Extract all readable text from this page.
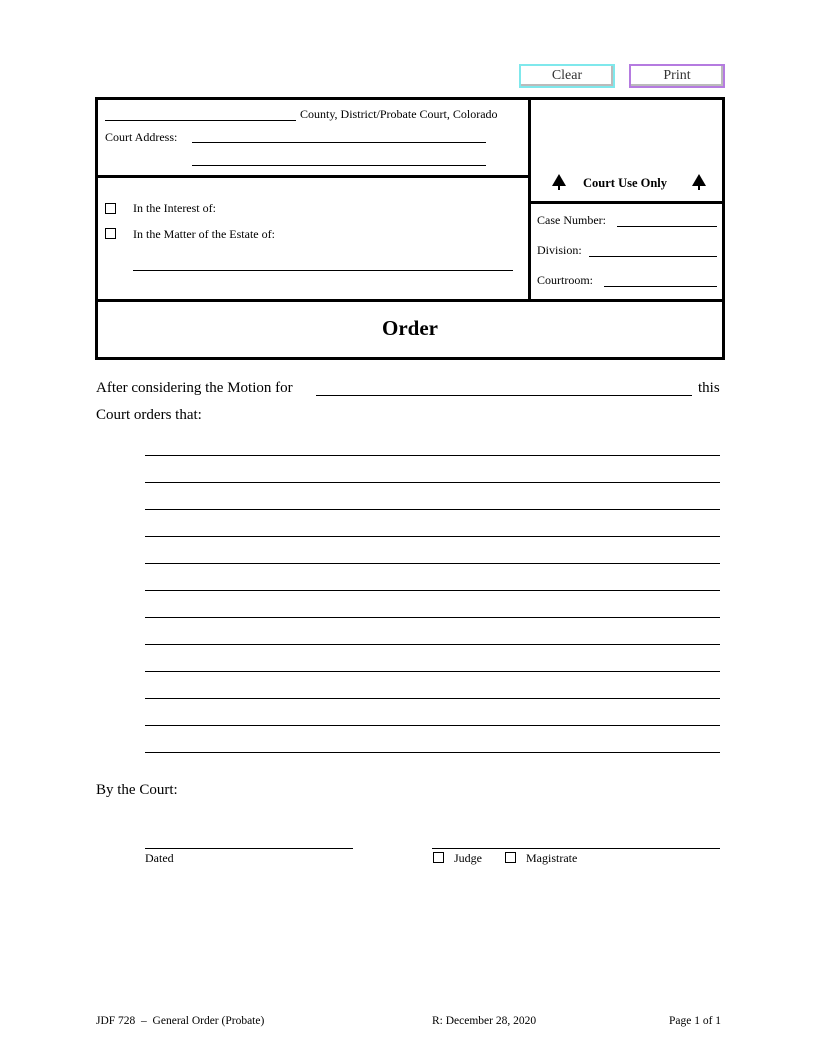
Clear	Print
County, District/Probate Court, Colorado
Court Address:
In the Interest of:
In the Matter of the Estate of:
Court Use Only
Case Number:
Division:
Courtroom:
Order
After considering the Motion for	this
Court orders that:
By the Court:
Dated	Judge	Magistrate
JDF 728  –  General Order (Probate)	R: December 28, 2020	Page 1 of 1
